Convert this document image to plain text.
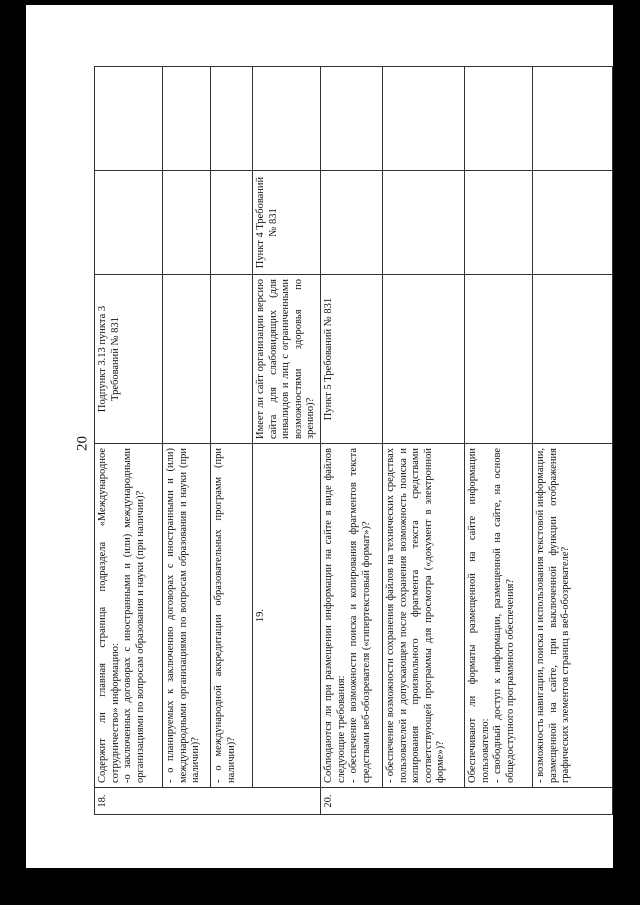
20
18.	Содержит ли главная страница подраздела «Международное сотрудничество» информацию: -о заключенных договорах с иностранными и (или) международными организациями по вопросам образования и науки (при наличии)?	Подпункт 3.13 пункта 3 Требований № 831			
	- о планируемых к заключению договорах с иностранными и (или) международными организациями по вопросам образования и науки (при наличии)?				
	- о международной аккредитации образовательных программ (при наличии)?				
	19.	Имеет ли сайт организации версию сайта для слабовидящих (для инвалидов и лиц с ограниченными возможностями здоровья по зрению)?	Пункт 4 Требований № 831		
20.	Соблюдаются ли при размещении информации на сайте в виде файлов следующие требования: - обеспечение возможности поиска и копирования фрагментов текста средствами веб-обозревателя («гипертекстовый формат»)?	Пункт 5 Требований № 831			
	- обеспечение возможности сохранения файлов на технических средствах пользователей и допускающем после сохранения возможность поиска и копирования произвольного фрагмента текста средствами соответствующей программы для просмотра («документ в электронной форме»)?				

	Обеспечивают ли форматы размещенной на сайте информации пользователю: - свободный доступ к информации, размещенной на сайте, на основе общедоступного программного обеспечения?				

	- возможность навигации, поиска и использования текстовой информации, размещенной на сайте, при выключенной функции отображения графических элементов страниц в веб-обозревателе?				
